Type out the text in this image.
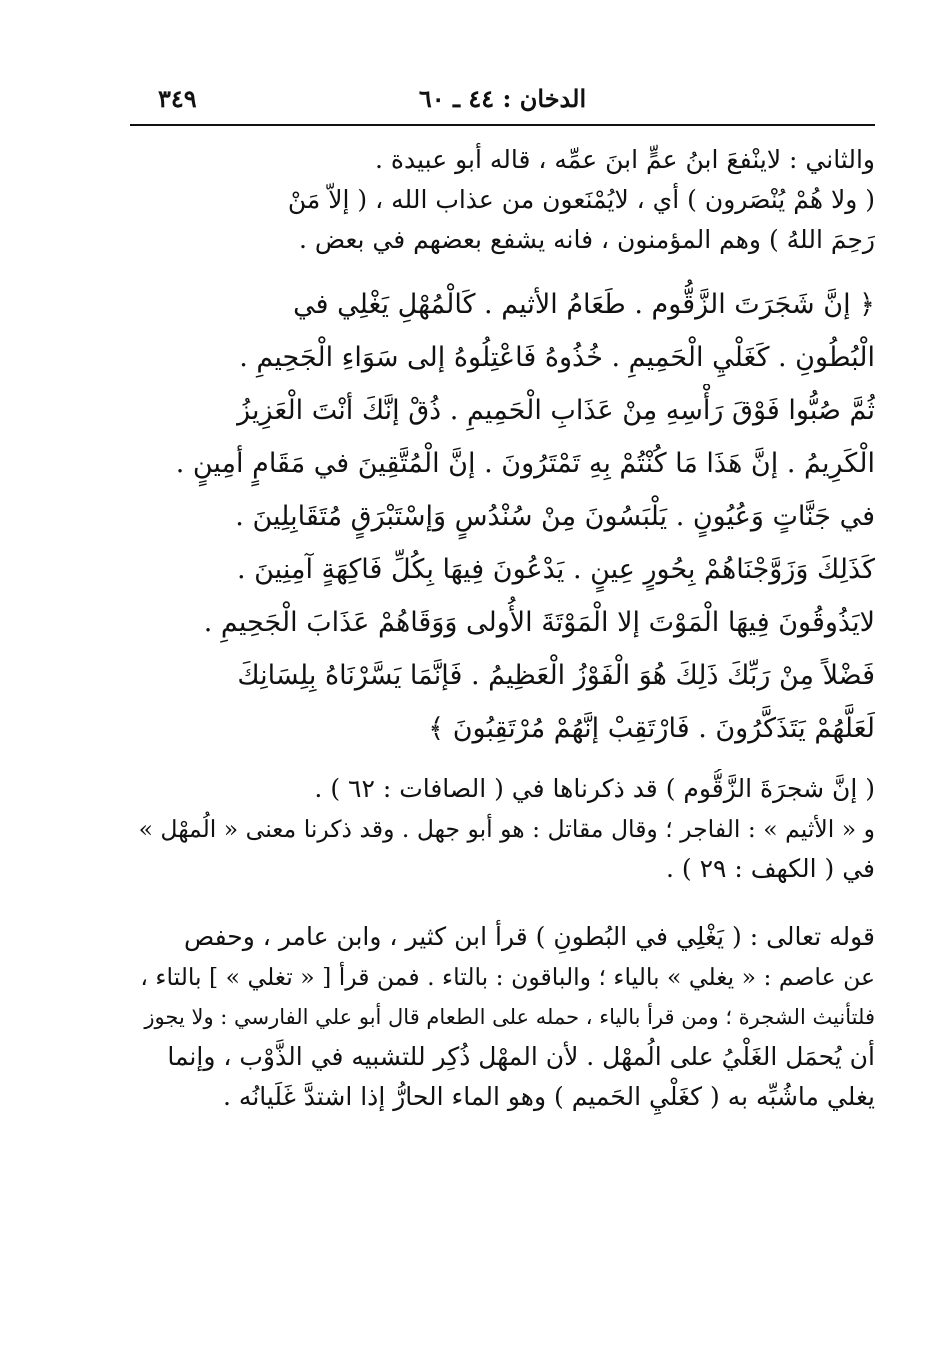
الدخان : ٤٤ ـ ٦٠
٣٤٩
والثاني : لاينْفعَ ابنُ عمٍّ ابنَ عمِّه ، قاله أبو عبيدة .
( ولا هُمْ يُنْصَرون ) أي ، لايُمْنَعون من عذاب الله ، ( إلاّ مَنْ
رَحِمَ اللهُ ) وهم المؤمنون ، فانه يشفع بعضهم في بعض .
﴿ إنَّ شَجَرَتَ الزَّقُّوم . طَعَامُ الأثيم . كَالْمُهْلِ يَغْلِي في
الْبُطُونِ . كَغَلْيِ الْحَمِيمِ . خُذُوهُ فَاعْتِلُوهُ إلى سَوَاءِ الْجَحِيمِ .
ثُمَّ صُبُّوا فَوْقَ رَأْسِهِ مِنْ عَذَابِ الْحَمِيمِ . ذُقْ إنَّكَ أنْتَ الْعَزِيزُ
الْكَرِيمُ . إنَّ هَذَا مَا كُنْتُمْ بِهِ تَمْتَرُونَ . إنَّ الْمُتَّقِينَ في مَقَامٍ أمِينٍ .
في جَنَّاتٍ وَعُيُونٍ . يَلْبَسُونَ مِنْ سُنْدُسٍ وَإسْتَبْرَقٍ مُتَقَابِلِينَ .
كَذَلِكَ وَزَوَّجْنَاهُمْ بِحُورٍ عِينٍ . يَدْعُونَ فِيهَا بِكُلِّ فَاكِهَةٍ آمِنِينَ .
لايَذُوقُونَ فِيهَا الْمَوْتَ إلا الْمَوْتَةَ الأُولى وَوَقَاهُمْ عَذَابَ الْجَحِيمِ .
فَضْلاً مِنْ رَبِّكَ ذَلِكَ هُوَ الْفَوْزُ الْعَظِيمُ . فَإنَّمَا يَسَّرْنَاهُ بِلِسَانِكَ
لَعَلَّهُمْ يَتَذَكَّرُونَ . فَارْتَقِبْ إنَّهُمْ مُرْتَقِبُونَ ﴾
( إنَّ شجرَةَ الزَّقُّوم ) قد ذكرناها في ( الصافات : ٦٢ ) .
و « الأثيم » : الفاجر ؛ وقال مقاتل : هو أبو جهل . وقد ذكرنا معنى « الُمهْل »
في ( الكهف : ٢٩ ) .
قوله تعالى : ( يَغْلِي في البُطونِ ) قرأ ابن كثير ، وابن عامر ، وحفص
عن عاصم : « يغلي » بالياء ؛ والباقون : بالتاء . فمن قرأ [ « تغلي » ] بالتاء ،
فلتأنيث الشجرة ؛ ومن قرأ بالياء ، حمله على الطعام قال أبو علي الفارسي : ولا يجوز
أن يُحمَل الغَلْيُ على الُمهْل . لأن المهْل ذُكِر للتشبيه في الذَّوْب ، وإنما
يغلي ماشُبِّه به ( كغَلْيِ الحَميم ) وهو الماء الحارُّ إذا اشتدَّ غَلَيانُه .
